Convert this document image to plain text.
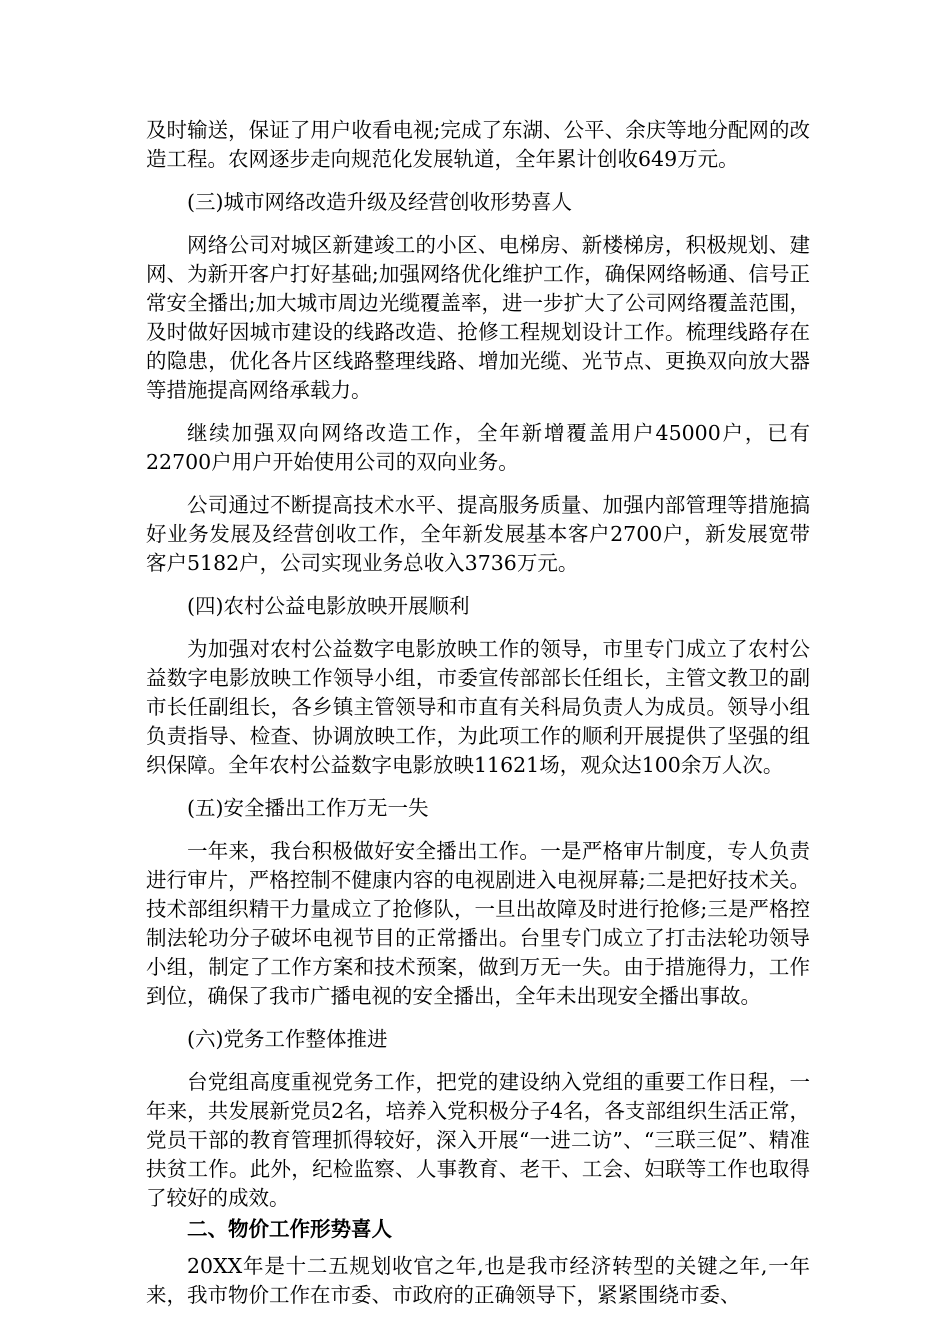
及时输送，保证了用户收看电视;完成了东湖、公平、余庆等地分配网的改造工程。农网逐步走向规范化发展轨道，全年累计创收649万元。

(三)城市网络改造升级及经营创收形势喜人

网络公司对城区新建竣工的小区、电梯房、新楼梯房，积极规划、建网、为新开客户打好基础;加强网络优化维护工作，确保网络畅通、信号正常安全播出;加大城市周边光缆覆盖率，进一步扩大了公司网络覆盖范围，及时做好因城市建设的线路改造、抢修工程规划设计工作。梳理线路存在的隐患，优化各片区线路整理线路、增加光缆、光节点、更换双向放大器等措施提高网络承载力。

继续加强双向网络改造工作，全年新增覆盖用户45000户，已有22700户用户开始使用公司的双向业务。

公司通过不断提高技术水平、提高服务质量、加强内部管理等措施搞好业务发展及经营创收工作，全年新发展基本客户2700户，新发展宽带客户5182户，公司实现业务总收入3736万元。

(四)农村公益电影放映开展顺利

为加强对农村公益数字电影放映工作的领导，市里专门成立了农村公益数字电影放映工作领导小组，市委宣传部部长任组长，主管文教卫的副市长任副组长，各乡镇主管领导和市直有关科局负责人为成员。领导小组负责指导、检查、协调放映工作，为此项工作的顺利开展提供了坚强的组织保障。全年农村公益数字电影放映11621场，观众达100余万人次。

(五)安全播出工作万无一失

一年来，我台积极做好安全播出工作。一是严格审片制度，专人负责进行审片，严格控制不健康内容的电视剧进入电视屏幕;二是把好技术关。技术部组织精干力量成立了抢修队，一旦出故障及时进行抢修;三是严格控制法轮功分子破坏电视节目的正常播出。台里专门成立了打击法轮功领导小组，制定了工作方案和技术预案，做到万无一失。由于措施得力，工作到位，确保了我市广播电视的安全播出，全年未出现安全播出事故。

(六)党务工作整体推进

台党组高度重视党务工作，把党的建设纳入党组的重要工作日程，一年来，共发展新党员2名，培养入党积极分子4名，各支部组织生活正常，党员干部的教育管理抓得较好，深入开展“一进二访”、“三联三促”、精准扶贫工作。此外，纪检监察、人事教育、老干、工会、妇联等工作也取得了较好的成效。

二、物价工作形势喜人

20XX年是十二五规划收官之年,也是我市经济转型的关键之年,一年来，我市物价工作在市委、市政府的正确领导下，紧紧围绕市委、
